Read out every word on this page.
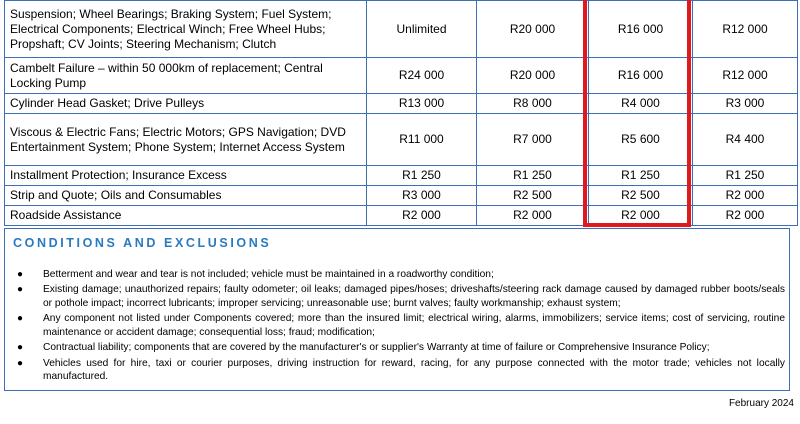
Suspension; Wheel Bearings; Braking System; Fuel System; Electrical Components; Electrical Winch; Free Wheel Hubs; Propshaft; CV Joints; Steering Mechanism; Clutch	Unlimited	R20 000	R16 000	R12 000
Cambelt Failure – within 50 000km of replacement; Central Locking Pump	R24 000	R20 000	R16 000	R12 000
Cylinder Head Gasket; Drive Pulleys	R13 000	R8 000	R4 000	R3 000
Viscous & Electric Fans; Electric Motors; GPS Navigation; DVD Entertainment System; Phone System; Internet Access System	R11 000	R7 000	R5 600	R4 400
Installment Protection; Insurance Excess	R1 250	R1 250	R1 250	R1 250
Strip and Quote; Oils and Consumables	R3 000	R2 500	R2 500	R2 000
Roadside Assistance	R2 000	R2 000	R2 000	R2 000
CONDITIONS AND EXCLUSIONS
● Betterment and wear and tear is not included; vehicle must be maintained in a roadworthy condition;
● Existing damage; unauthorized repairs; faulty odometer; oil leaks; damaged pipes/hoses; driveshafts/steering rack damage caused by damaged rubber boots/seals or pothole impact; incorrect lubricants; improper servicing; unreasonable use; burnt valves; faulty workmanship; exhaust system;
● Any component not listed under Components covered; more than the insured limit; electrical wiring, alarms, immobilizers; service items; cost of servicing, routine maintenance or accident damage; consequential loss; fraud; modification;
● Contractual liability; components that are covered by the manufacturer's or supplier's Warranty at time of failure or Comprehensive Insurance Policy;
● Vehicles used for hire, taxi or courier purposes, driving instruction for reward, racing, for any purpose connected with the motor trade; vehicles not locally manufactured.
February 2024
